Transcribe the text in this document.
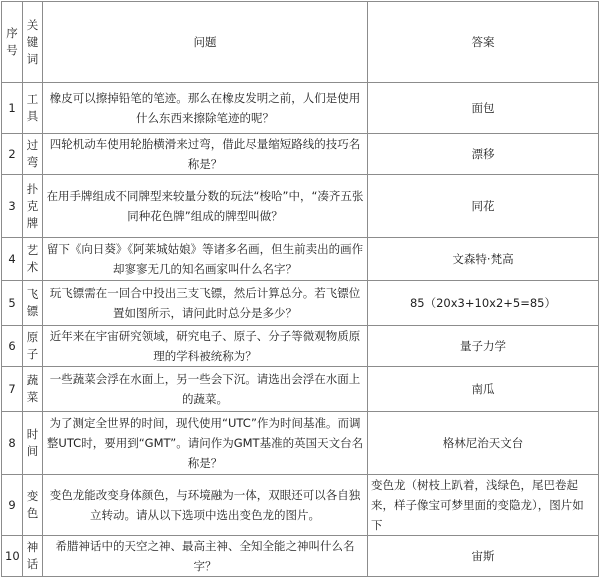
序号	关键词	问题	答案
1	工具	橡皮可以擦掉铅笔的笔迹。那么在橡皮发明之前，人们是使用什么东西来擦除笔迹的呢？	面包
2	过弯	四轮机动车使用轮胎横滑来过弯，借此尽量缩短路线的技巧名称是？	漂移
3	扑克牌	在用手牌组成不同牌型来较量分数的玩法“梭哈”中，“凑齐五张同种花色牌”组成的牌型叫做？	同花
4	艺术	留下《向日葵》《阿莱城姑娘》等诸多名画，但生前卖出的画作却寥寥无几的知名画家叫什么名字？	文森特·梵高
5	飞镖	玩飞镖需在一回合中投出三支飞镖，然后计算总分。若飞镖位置如图所示，请问此时总分是多少？	85（20x3+10x2+5=85）
6	原子	近年来在宇宙研究领域，研究电子、原子、分子等微观物质原理的学科被统称为？	量子力学
7	蔬菜	一些蔬菜会浮在水面上，另一些会下沉。请选出会浮在水面上的蔬菜。	南瓜
8	时间	为了测定全世界的时间，现代使用“UTC”作为时间基准。而调整UTC时，要用到“GMT”。请问作为GMT基准的英国天文台名称是？	格林尼治天文台
9	变色	变色龙能改变身体颜色，与环境融为一体，双眼还可以各自独立转动。请从以下选项中选出变色龙的图片。	变色龙（树枝上趴着，浅绿色，尾巴卷起来，样子像宝可梦里面的变隐龙），图片如下
10	神话	希腊神话中的天空之神、最高主神、全知全能之神叫什么名字？	宙斯
